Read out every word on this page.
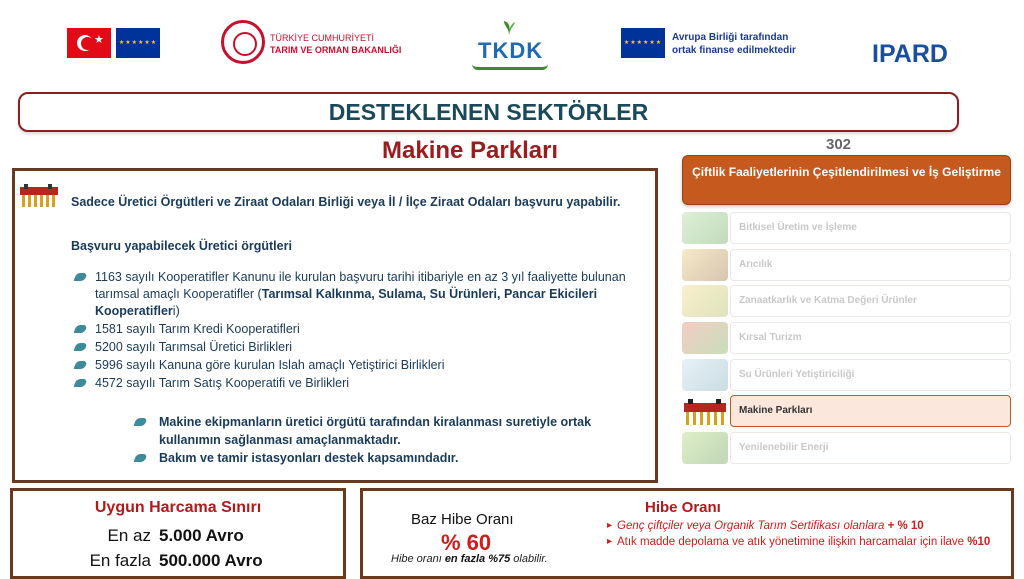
★	★★★★★★	TÜRKİYE CUMHURİYETİ
TARIM VE ORMAN BAKANLIĞI	TKDK	★★★★★★ Avrupa Birliği tarafından
ortak finanse edilmektedir	IPARD
DESTEKLENEN SEKTÖRLER
Makine Parkları	302
Sadece Üretici Örgütleri ve Ziraat Odaları Birliği veya İl / İlçe Ziraat Odaları başvuru yapabilir.
Başvuru yapabilecek Üretici örgütleri
1163 sayılı Kooperatifler Kanunu ile kurulan başvuru tarihi itibariyle en az 3 yıl faaliyette bulunan tarımsal amaçlı Kooperatifler (Tarımsal Kalkınma, Sulama, Su Ürünleri, Pancar Ekicileri Kooperatifleri)
1581 sayılı Tarım Kredi Kooperatifleri
5200 sayılı Tarımsal Üretici Birlikleri
5996 sayılı Kanuna göre kurulan Islah amaçlı Yetiştirici Birlikleri
4572 sayılı Tarım Satış Kooperatifi ve Birlikleri
Makine ekipmanların üretici örgütü tarafından kiralanması suretiyle ortak kullanımın sağlanması amaçlanmaktadır.
Bakım ve tamir istasyonları destek kapsamındadır.
Çiftlik Faaliyetlerinin Çeşitlendirilmesi ve İş Geliştirme
Bitkisel Üretim ve İşleme
Arıcılık
Zanaatkarlık ve Katma Değeri Ürünler
Kırsal Turizm
Su Ürünleri Yetiştiriciliği
Makine Parkları
Yenilenebilir Enerji
Uygun Harcama Sınırı
En az 5.000 Avro
En fazla 500.000 Avro
Baz Hibe Oranı
% 60
Hibe oranı en fazla %75 olabilir.
Hibe Oranı
▸ Genç çiftçiler veya Organik Tarım Sertifikası olanlara + % 10
▸ Atık madde depolama ve atık yönetimine ilişkin harcamalar için ilave %10
